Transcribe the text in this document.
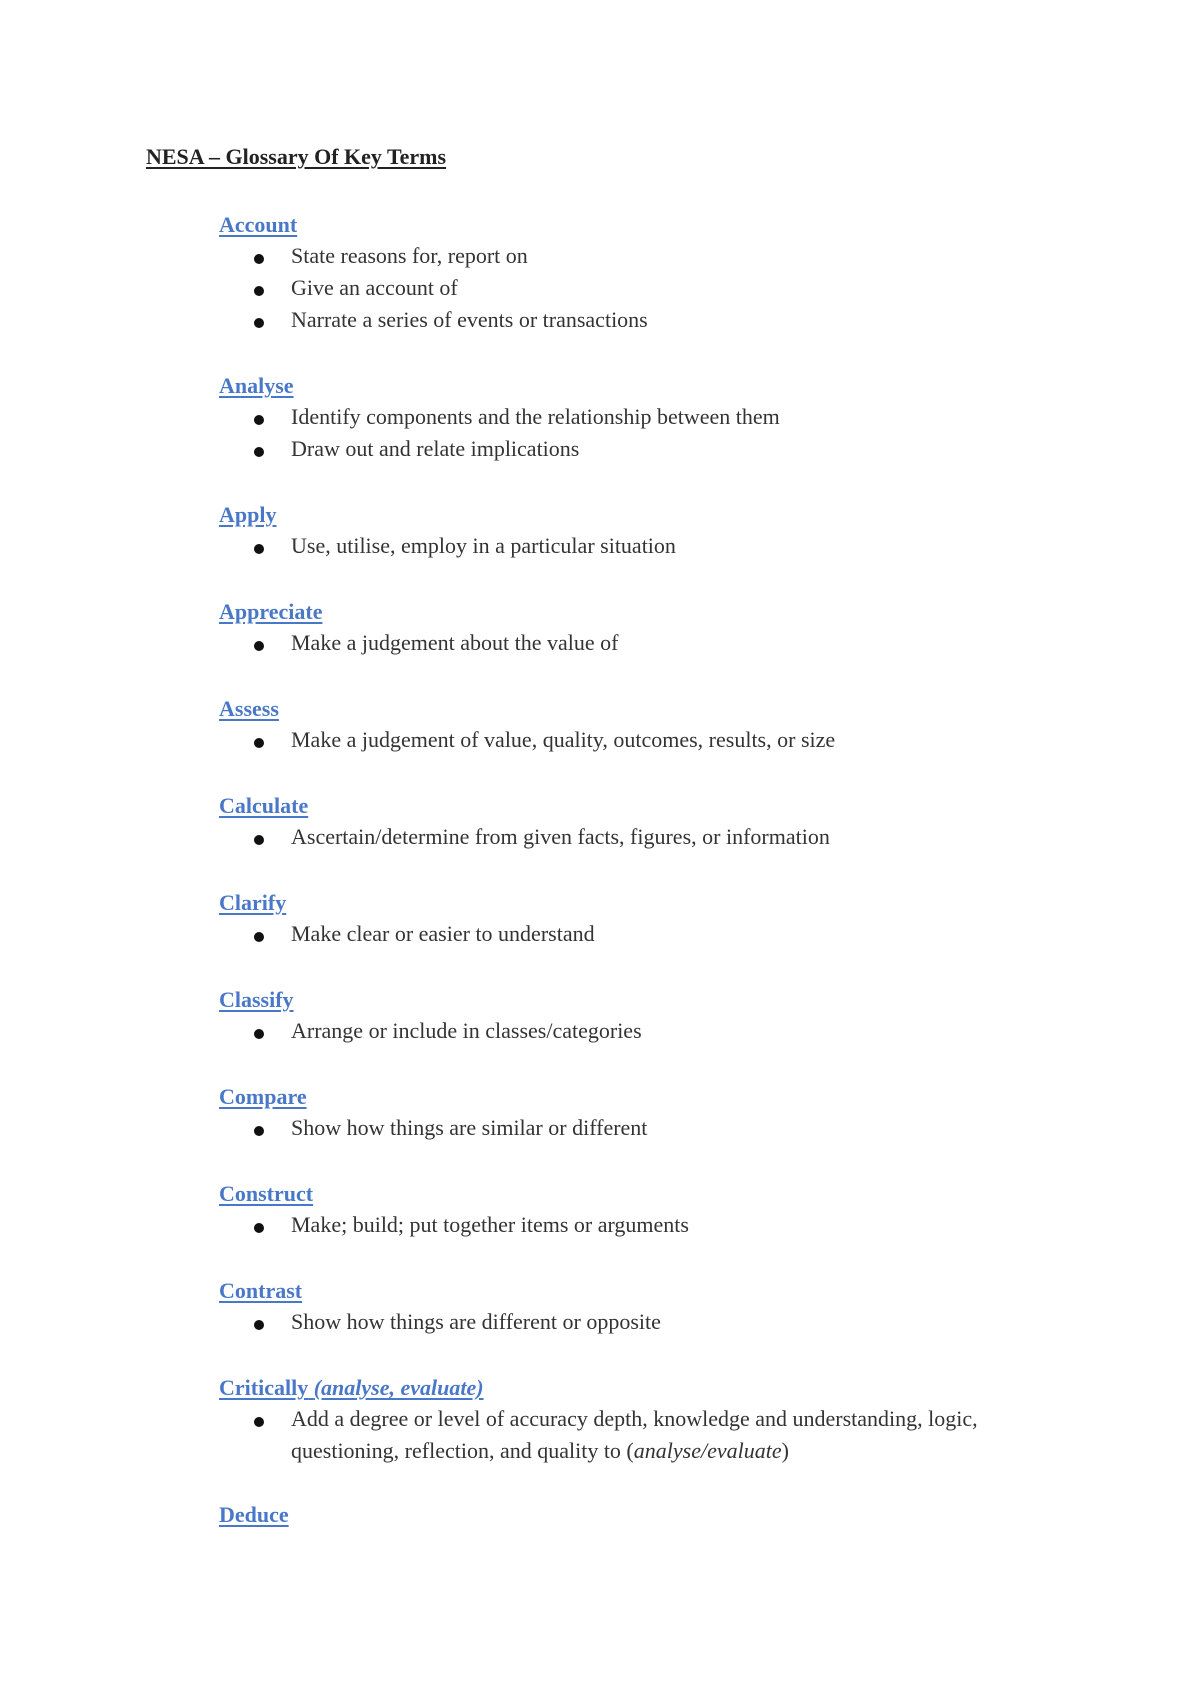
NESA – Glossary Of Key Terms
Account
State reasons for, report on
Give an account of
Narrate a series of events or transactions
Analyse
Identify components and the relationship between them
Draw out and relate implications
Apply
Use, utilise, employ in a particular situation
Appreciate
Make a judgement about the value of
Assess
Make a judgement of value, quality, outcomes, results, or size
Calculate
Ascertain/determine from given facts, figures, or information
Clarify
Make clear or easier to understand
Classify
Arrange or include in classes/categories
Compare
Show how things are similar or different
Construct
Make; build; put together items or arguments
Contrast
Show how things are different or opposite
Critically (analyse, evaluate)
Add a degree or level of accuracy depth, knowledge and understanding, logic, questioning, reflection, and quality to (analyse/evaluate)
Deduce
